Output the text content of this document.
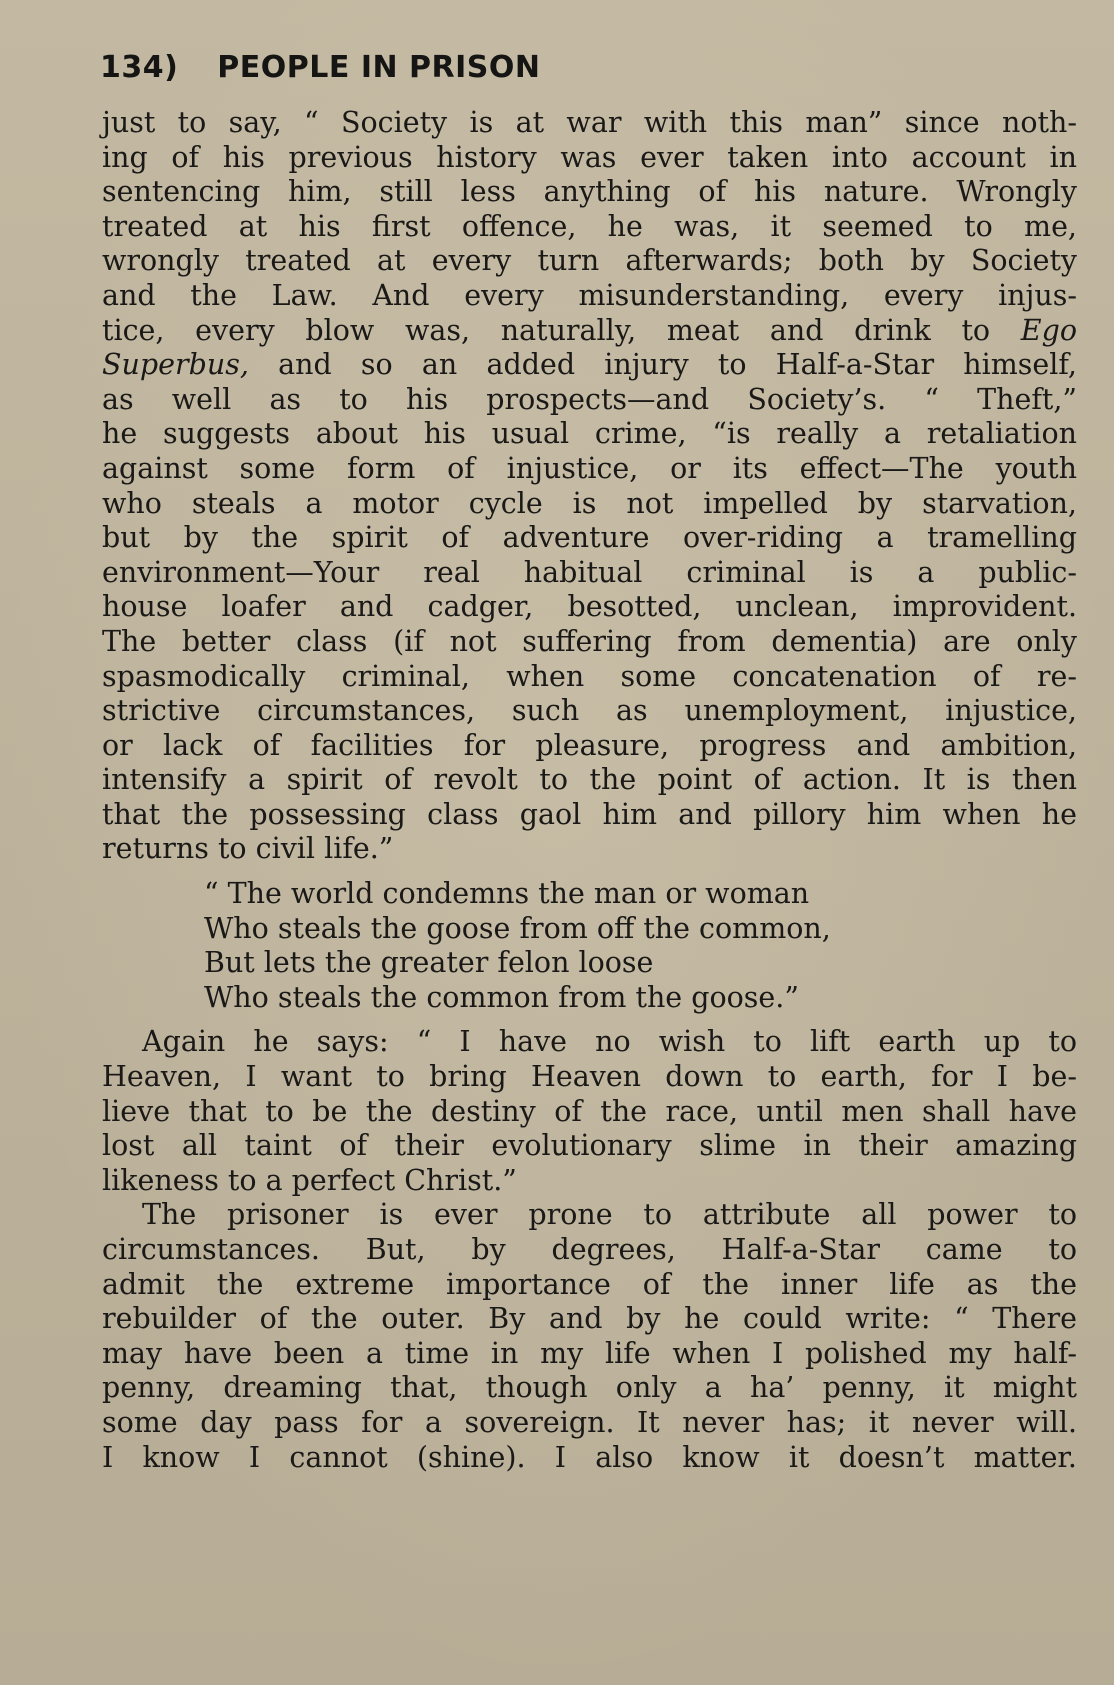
134) PEOPLE IN PRISON
just to say, “ Society is at war with this man” since noth-
ing of his previous history was ever taken into account in
sentencing him, still less anything of his nature. Wrongly
treated at his first offence, he was, it seemed to me,
wrongly treated at every turn afterwards; both by Society
and the Law. And every misunderstanding, every injus-
tice, every blow was, naturally, meat and drink to Ego
Superbus, and so an added injury to Half-a-Star himself,
as well as to his prospects—and Society’s. “ Theft,”
he suggests about his usual crime, “is really a retaliation
against some form of injustice, or its effect—The youth
who steals a motor cycle is not impelled by starvation,
but by the spirit of adventure over-riding a tramelling
environment—Your real habitual criminal is a public-
house loafer and cadger, besotted, unclean, improvident.
The better class (if not suffering from dementia) are only
spasmodically criminal, when some concatenation of re-
strictive circumstances, such as unemployment, injustice,
or lack of facilities for pleasure, progress and ambition,
intensify a spirit of revolt to the point of action. It is then
that the possessing class gaol him and pillory him when he
returns to civil life.”
“ The world condemns the man or woman
Who steals the goose from off the common,
But lets the greater felon loose
Who steals the common from the goose.”
Again he says: “ I have no wish to lift earth up to
Heaven, I want to bring Heaven down to earth, for I be-
lieve that to be the destiny of the race, until men shall have
lost all taint of their evolutionary slime in their amazing
likeness to a perfect Christ.”
The prisoner is ever prone to attribute all power to
circumstances. But, by degrees, Half-a-Star came to
admit the extreme importance of the inner life as the
rebuilder of the outer. By and by he could write: “ There
may have been a time in my life when I polished my half-
penny, dreaming that, though only a ha’ penny, it might
some day pass for a sovereign. It never has; it never will.
I know I cannot (shine). I also know it doesn’t matter.
